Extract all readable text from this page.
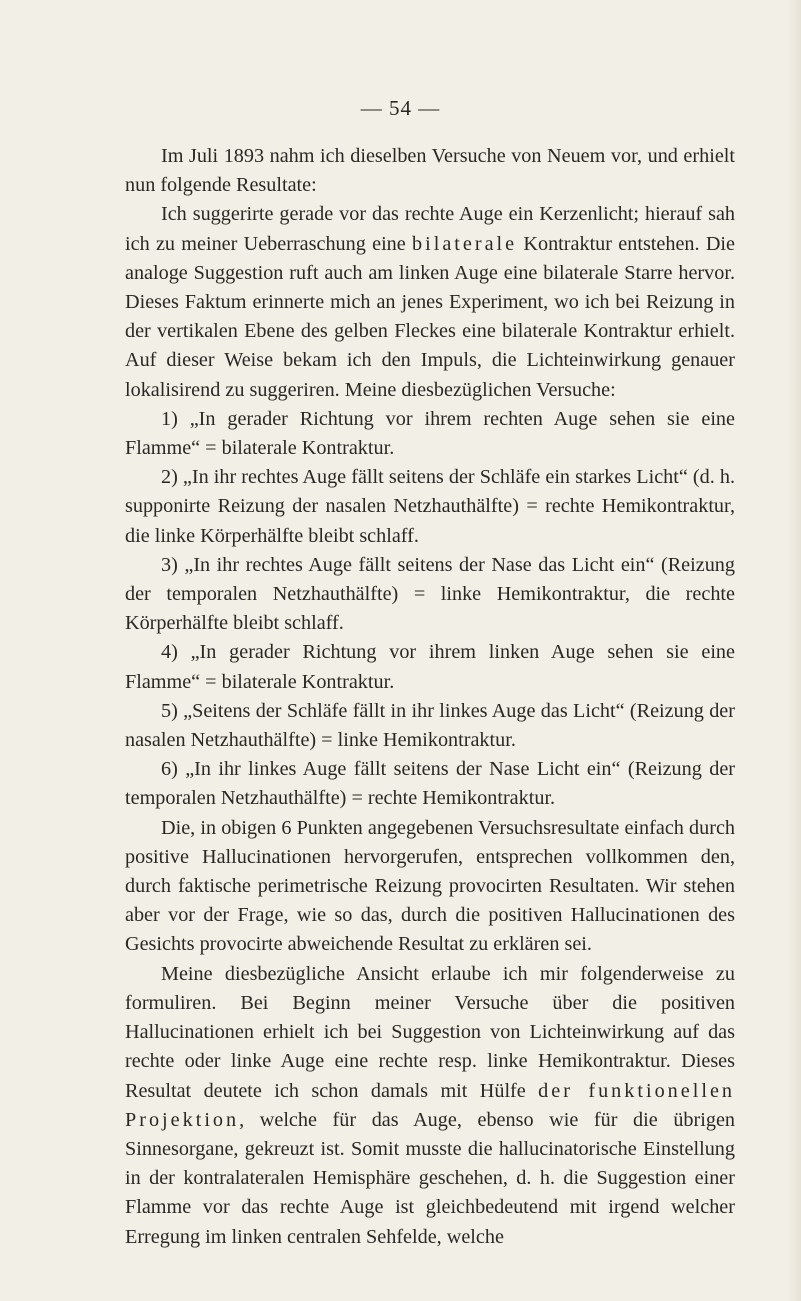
— 54 —

Im Juli 1893 nahm ich dieselben Versuche von Neuem vor, und erhielt nun folgende Resultate:

Ich suggerirte gerade vor das rechte Auge ein Kerzenlicht; hierauf sah ich zu meiner Ueberraschung eine bilaterale Kontraktur entstehen. Die analoge Suggestion ruft auch am linken Auge eine bilaterale Starre hervor. Dieses Faktum erinnerte mich an jenes Experiment, wo ich bei Reizung in der vertikalen Ebene des gelben Fleckes eine bilaterale Kontraktur erhielt. Auf dieser Weise bekam ich den Impuls, die Lichteinwirkung genauer lokalisirend zu suggeriren. Meine diesbezüglichen Versuche:

1) „In gerader Richtung vor ihrem rechten Auge sehen sie eine Flamme“ = bilaterale Kontraktur.

2) „In ihr rechtes Auge fällt seitens der Schläfe ein starkes Licht“ (d. h. supponirte Reizung der nasalen Netzhauthälfte) = rechte Hemikontraktur, die linke Körperhälfte bleibt schlaff.

3) „In ihr rechtes Auge fällt seitens der Nase das Licht ein“ (Reizung der temporalen Netzhauthälfte) = linke Hemikontraktur, die rechte Körperhälfte bleibt schlaff.

4) „In gerader Richtung vor ihrem linken Auge sehen sie eine Flamme“ = bilaterale Kontraktur.

5) „Seitens der Schläfe fällt in ihr linkes Auge das Licht“ (Reizung der nasalen Netzhauthälfte) = linke Hemikontraktur.

6) „In ihr linkes Auge fällt seitens der Nase Licht ein“ (Reizung der temporalen Netzhauthälfte) = rechte Hemikontraktur.

Die, in obigen 6 Punkten angegebenen Versuchsresultate einfach durch positive Hallucinationen hervorgerufen, entsprechen vollkommen den, durch faktische perimetrische Reizung provocirten Resultaten. Wir stehen aber vor der Frage, wie so das, durch die positiven Hallucinationen des Gesichts provocirte abweichende Resultat zu erklären sei.

Meine diesbezügliche Ansicht erlaube ich mir folgenderweise zu formuliren. Bei Beginn meiner Versuche über die positiven Hallucinationen erhielt ich bei Suggestion von Lichteinwirkung auf das rechte oder linke Auge eine rechte resp. linke Hemikontraktur. Dieses Resultat deutete ich schon damals mit Hülfe der funktionellen Projektion, welche für das Auge, ebenso wie für die übrigen Sinnesorgane, gekreuzt ist. Somit musste die hallucinatorische Einstellung in der kontralateralen Hemisphäre geschehen, d. h. die Suggestion einer Flamme vor das rechte Auge ist gleichbedeutend mit irgend welcher Erregung im linken centralen Sehfelde, welche
